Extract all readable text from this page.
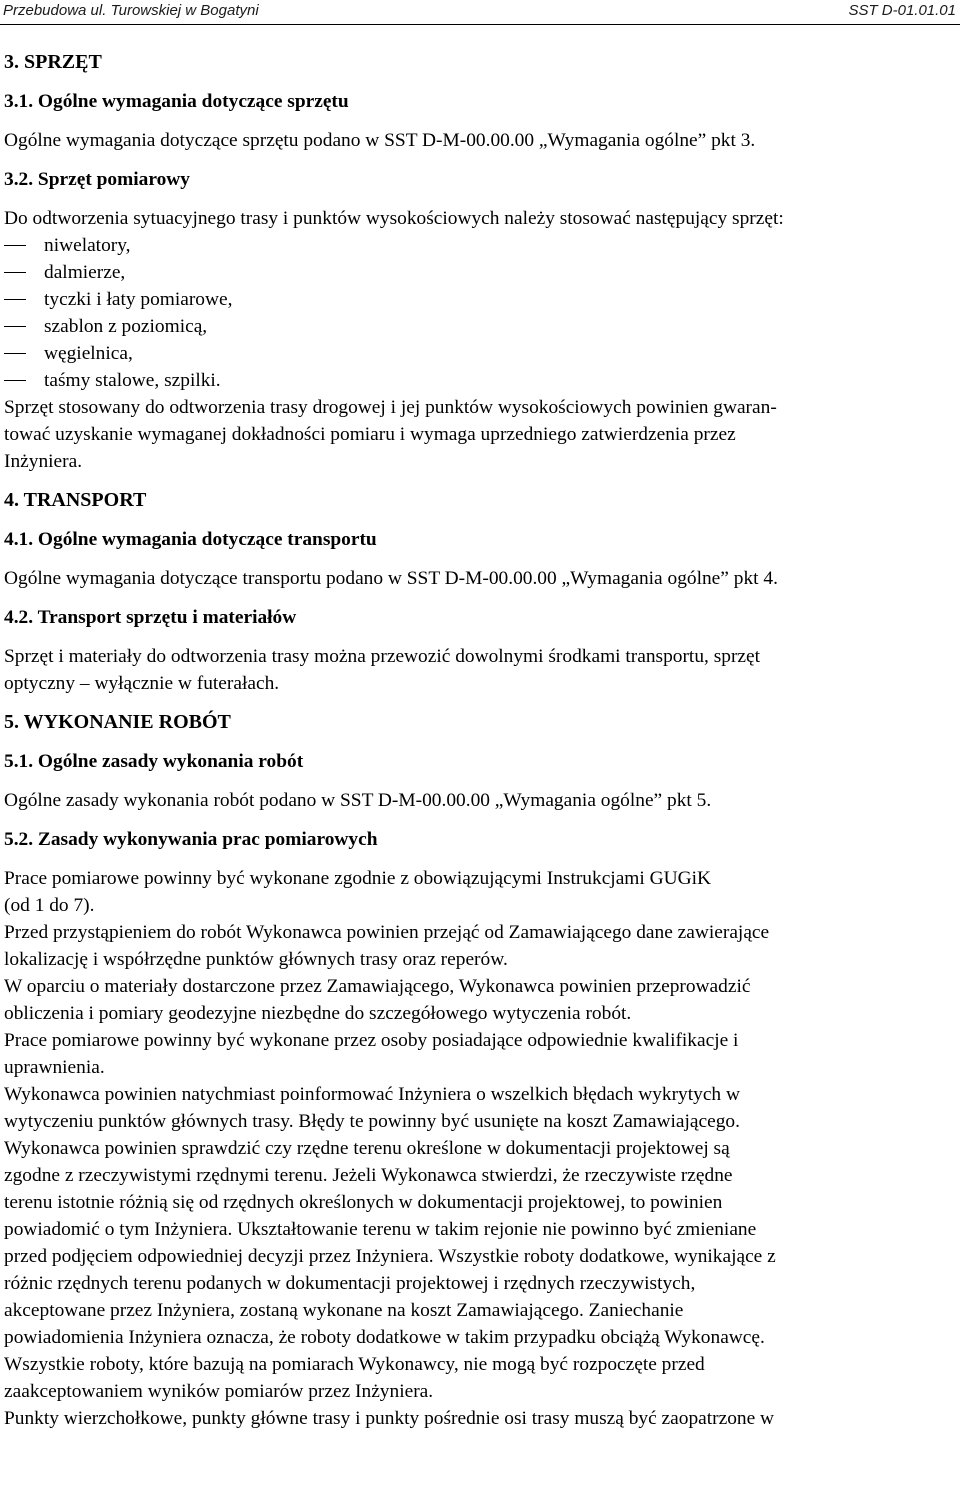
Przebudowa ul. Turowskiej w Bogatyni	SST D-01.01.01
3. SPRZĘT
3.1. Ogólne wymagania dotyczące sprzętu
Ogólne wymagania dotyczące sprzętu podano w SST D-M-00.00.00 „Wymagania ogólne” pkt 3.
3.2. Sprzęt pomiarowy
Do odtworzenia sytuacyjnego trasy i punktów wysokościowych należy stosować następujący sprzęt:
niwelatory,
dalmierze,
tyczki i łaty pomiarowe,
szablon z poziomicą,
węgielnica,
taśmy stalowe, szpilki.
Sprzęt stosowany do odtworzenia trasy drogowej i jej punktów wysokościowych powinien gwaran-
tować uzyskanie wymaganej dokładności pomiaru i wymaga uprzedniego zatwierdzenia przez
Inżyniera.
4. TRANSPORT
4.1. Ogólne wymagania dotyczące transportu
Ogólne wymagania dotyczące transportu podano w SST D-M-00.00.00 „Wymagania ogólne” pkt 4.
4.2. Transport sprzętu i materiałów
Sprzęt i materiały do odtworzenia trasy można przewozić dowolnymi środkami transportu, sprzęt
optyczny – wyłącznie w futerałach.
5. WYKONANIE ROBÓT
5.1. Ogólne zasady wykonania robót
Ogólne zasady wykonania robót podano w SST D-M-00.00.00 „Wymagania ogólne” pkt 5.
5.2. Zasady wykonywania prac pomiarowych
Prace pomiarowe powinny być wykonane zgodnie z obowiązującymi Instrukcjami GUGiK
(od 1 do 7).
Przed przystąpieniem do robót Wykonawca powinien przejąć od Zamawiającego dane zawierające
lokalizację i współrzędne punktów głównych trasy oraz reperów.
W oparciu o materiały dostarczone przez Zamawiającego, Wykonawca powinien przeprowadzić
obliczenia i pomiary geodezyjne niezbędne do szczegółowego wytyczenia robót.
Prace pomiarowe powinny być wykonane przez osoby posiadające odpowiednie kwalifikacje i
uprawnienia.
Wykonawca powinien natychmiast poinformować Inżyniera o wszelkich błędach wykrytych w
wytyczeniu punktów głównych trasy. Błędy te powinny być usunięte na koszt Zamawiającego.
Wykonawca powinien sprawdzić czy rzędne terenu określone w dokumentacji projektowej są
zgodne z rzeczywistymi rzędnymi terenu. Jeżeli Wykonawca stwierdzi, że rzeczywiste rzędne
terenu istotnie różnią się od rzędnych określonych w dokumentacji projektowej, to powinien
powiadomić o tym Inżyniera. Ukształtowanie terenu w takim rejonie nie powinno być zmieniane
przed podjęciem odpowiedniej decyzji przez Inżyniera. Wszystkie roboty dodatkowe, wynikające z
różnic rzędnych terenu podanych w dokumentacji projektowej i rzędnych rzeczywistych,
akceptowane przez Inżyniera, zostaną wykonane na koszt Zamawiającego. Zaniechanie
powiadomienia Inżyniera oznacza, że roboty dodatkowe w takim przypadku obciążą Wykonawcę.
Wszystkie roboty, które bazują na pomiarach Wykonawcy, nie mogą być rozpoczęte przed
zaakceptowaniem wyników pomiarów przez Inżyniera.
Punkty wierzchołkowe, punkty główne trasy i punkty pośrednie osi trasy muszą być zaopatrzone w
